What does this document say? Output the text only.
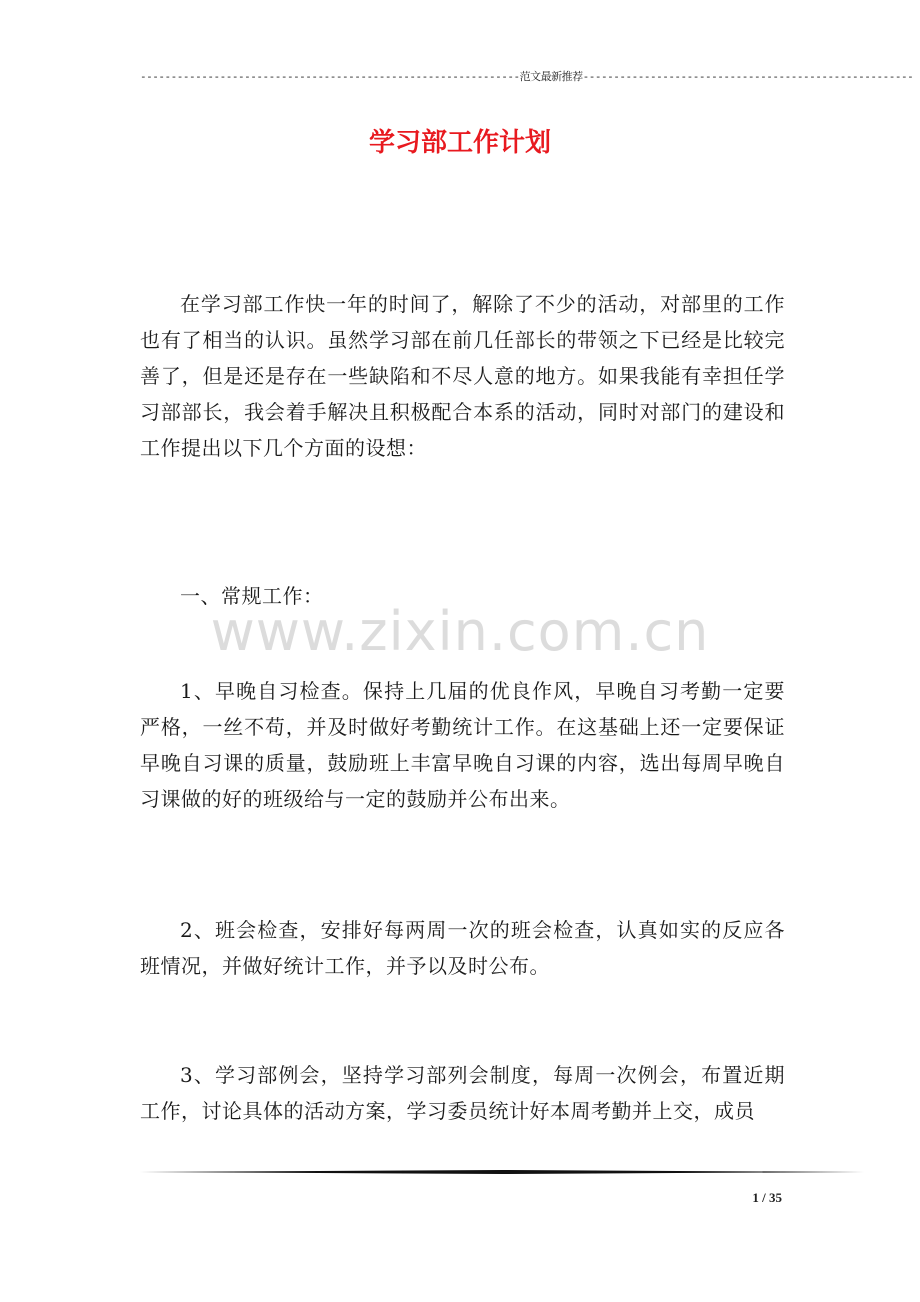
--------------------------------------------------------------范文最新推荐------------------------------------------------------
学习部工作计划
www.zixin.com.cn

在学习部工作快一年的时间了，解除了不少的活动，对部里的工作也有了相当的认识。虽然学习部在前几任部长的带领之下已经是比较完善了，但是还是存在一些缺陷和不尽人意的地方。如果我能有幸担任学习部部长，我会着手解决且积极配合本系的活动，同时对部门的建设和工作提出以下几个方面的设想：

一、常规工作：

1、早晚自习检查。保持上几届的优良作风，早晚自习考勤一定要严格，一丝不苟，并及时做好考勤统计工作。在这基础上还一定要保证早晚自习课的质量，鼓励班上丰富早晚自习课的内容，选出每周早晚自习课做的好的班级给与一定的鼓励并公布出来。

2、班会检查，安排好每两周一次的班会检查，认真如实的反应各班情况，并做好统计工作，并予以及时公布。

3、学习部例会，坚持学习部列会制度，每周一次例会，布置近期工作，讨论具体的活动方案，学习委员统计好本周考勤并上交，成员

1 / 35
